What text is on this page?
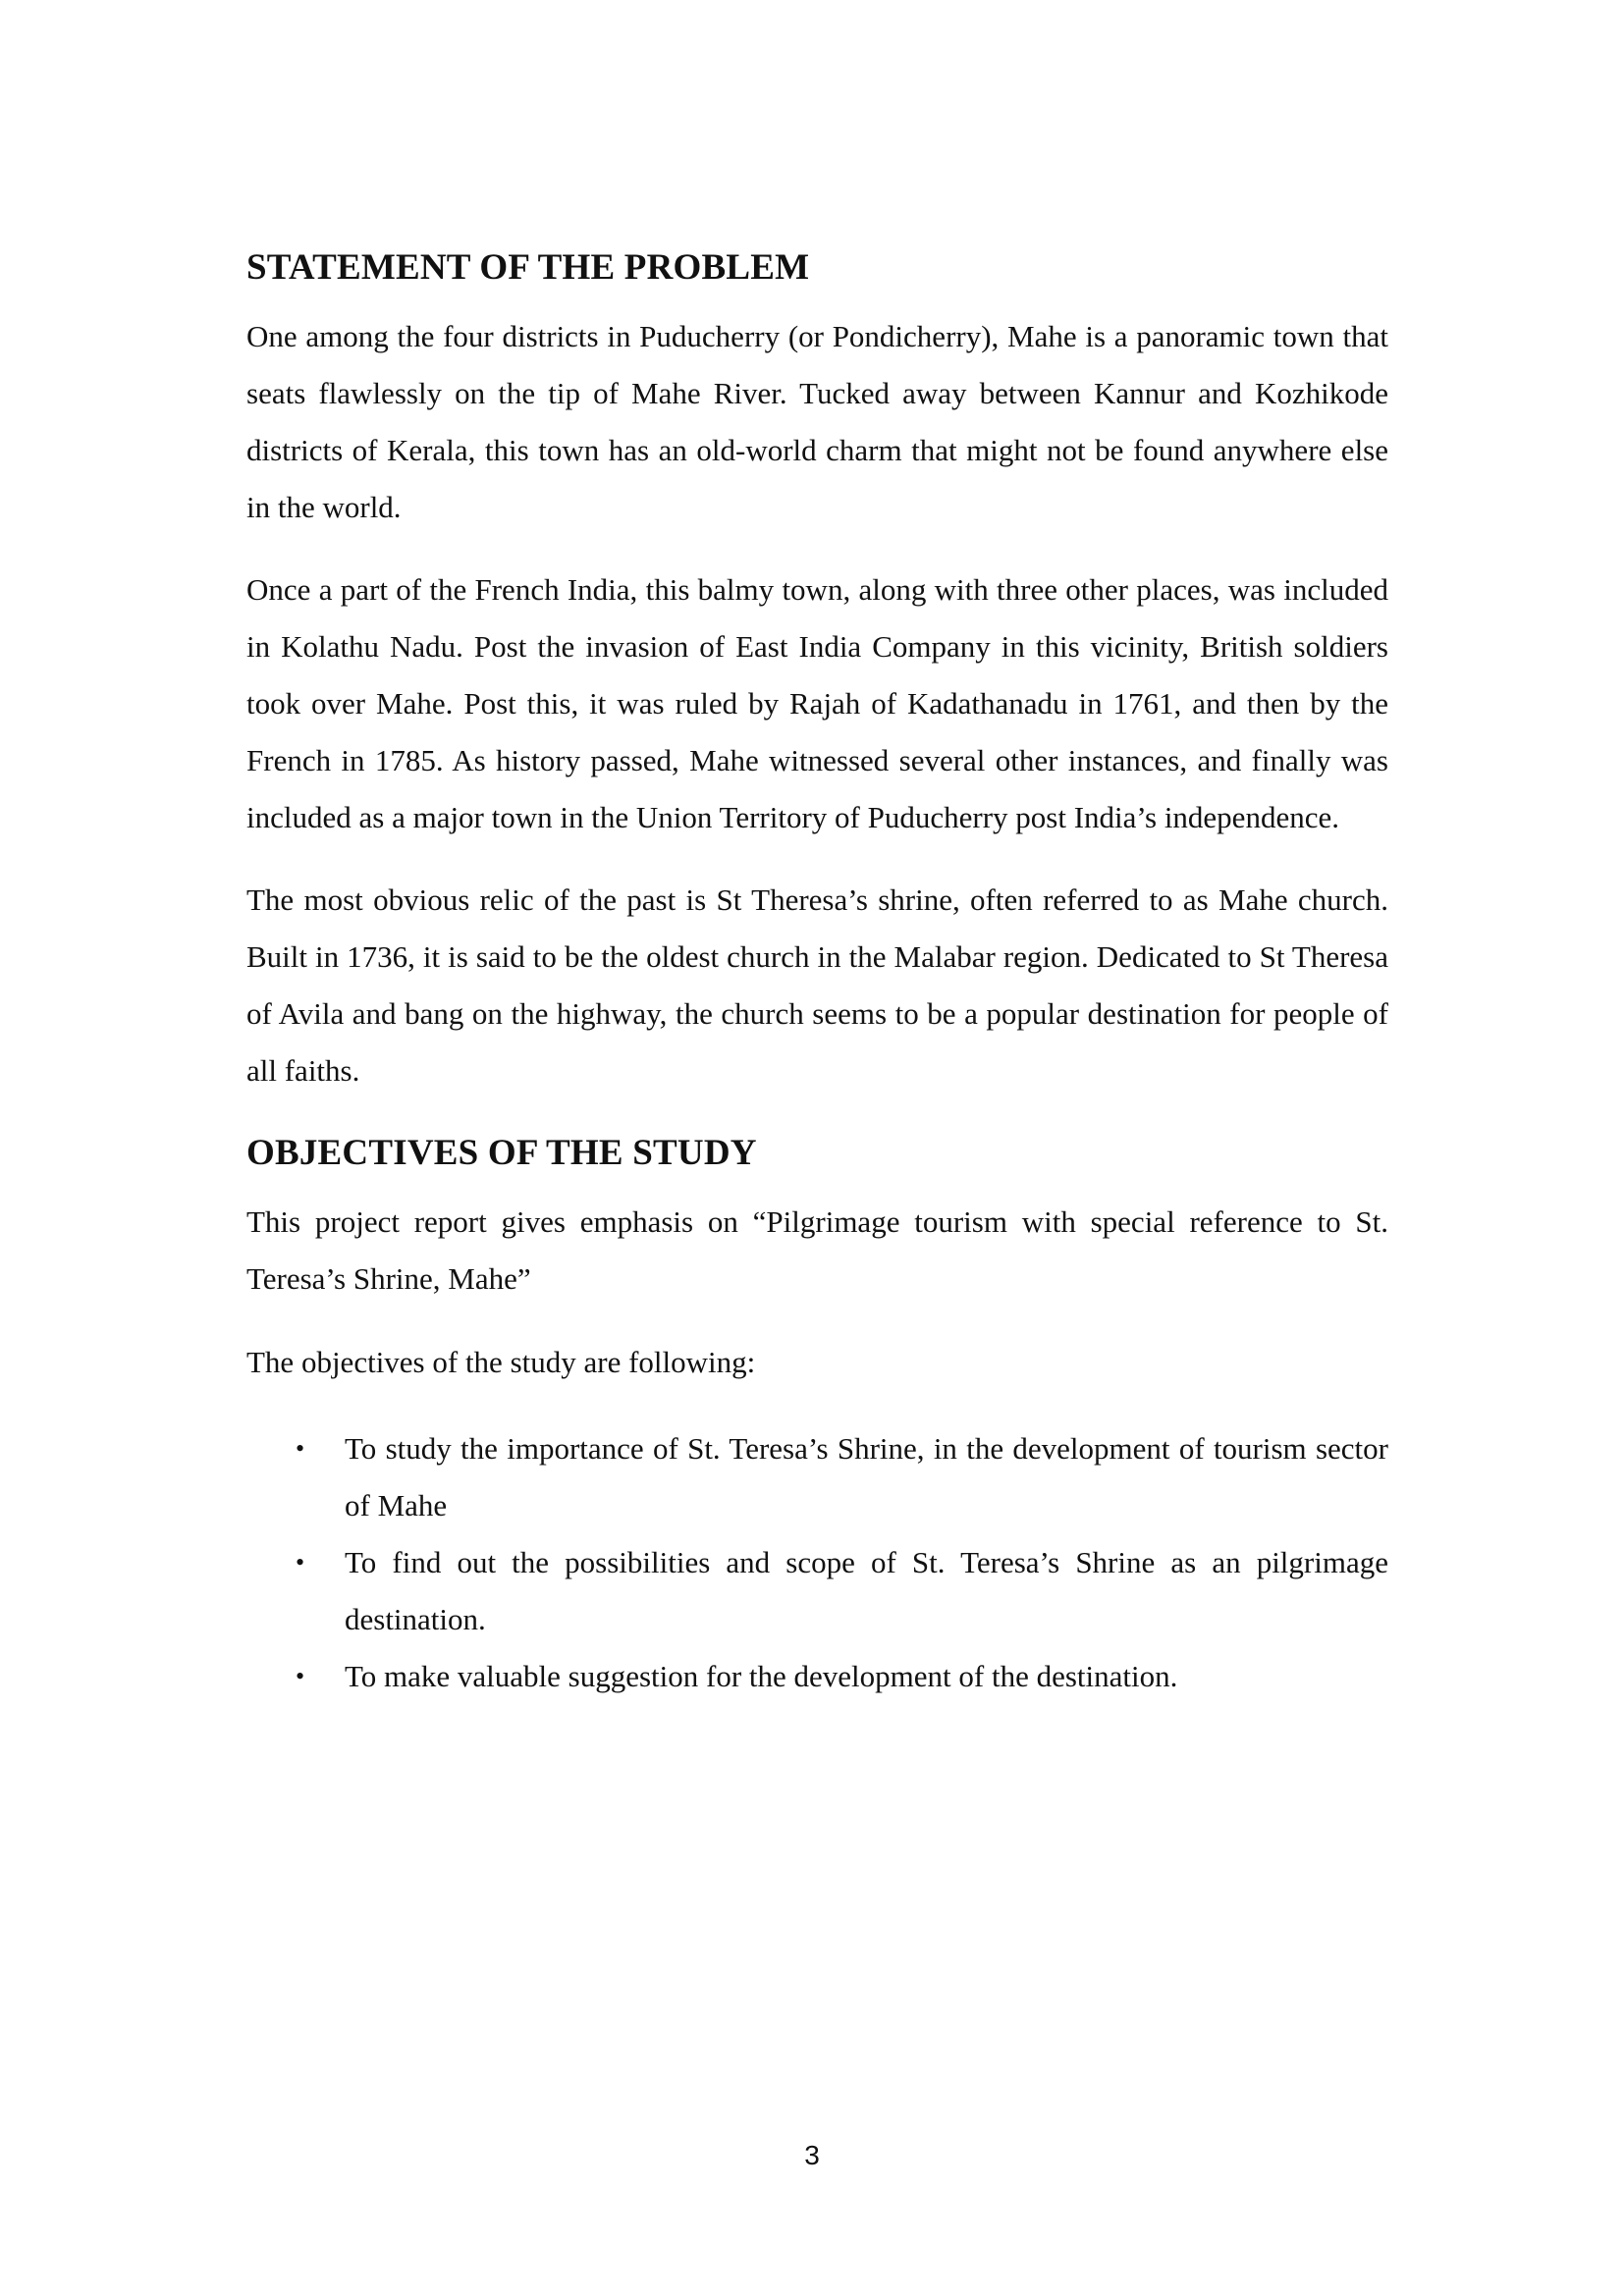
STATEMENT OF THE PROBLEM

One among the four districts in Puducherry (or Pondicherry), Mahe is a panoramic town that seats flawlessly on the tip of Mahe River. Tucked away between Kannur and Kozhikode districts of Kerala, this town has an old-world charm that might not be found anywhere else in the world.

Once a part of the French India, this balmy town, along with three other places, was included in Kolathu Nadu. Post the invasion of East India Company in this vicinity, British soldiers took over Mahe. Post this, it was ruled by Rajah of Kadathanadu in 1761, and then by the French in 1785. As history passed, Mahe witnessed several other instances, and finally was included as a major town in the Union Territory of Puducherry post India’s independence.

The most obvious relic of the past is St Theresa’s shrine, often referred to as Mahe church. Built in 1736, it is said to be the oldest church in the Malabar region. Dedicated to St Theresa of Avila and bang on the highway, the church seems to be a popular destination for people of all faiths.

OBJECTIVES OF THE STUDY

This project report gives emphasis on “Pilgrimage tourism with special reference to St. Teresa’s Shrine, Mahe”

The objectives of the study are following:

• To study the importance of St. Teresa’s Shrine, in the development of tourism sector of Mahe
• To find out the possibilities and scope of St. Teresa’s Shrine as an pilgrimage destination.
• To make valuable suggestion for the development of the destination.
3
